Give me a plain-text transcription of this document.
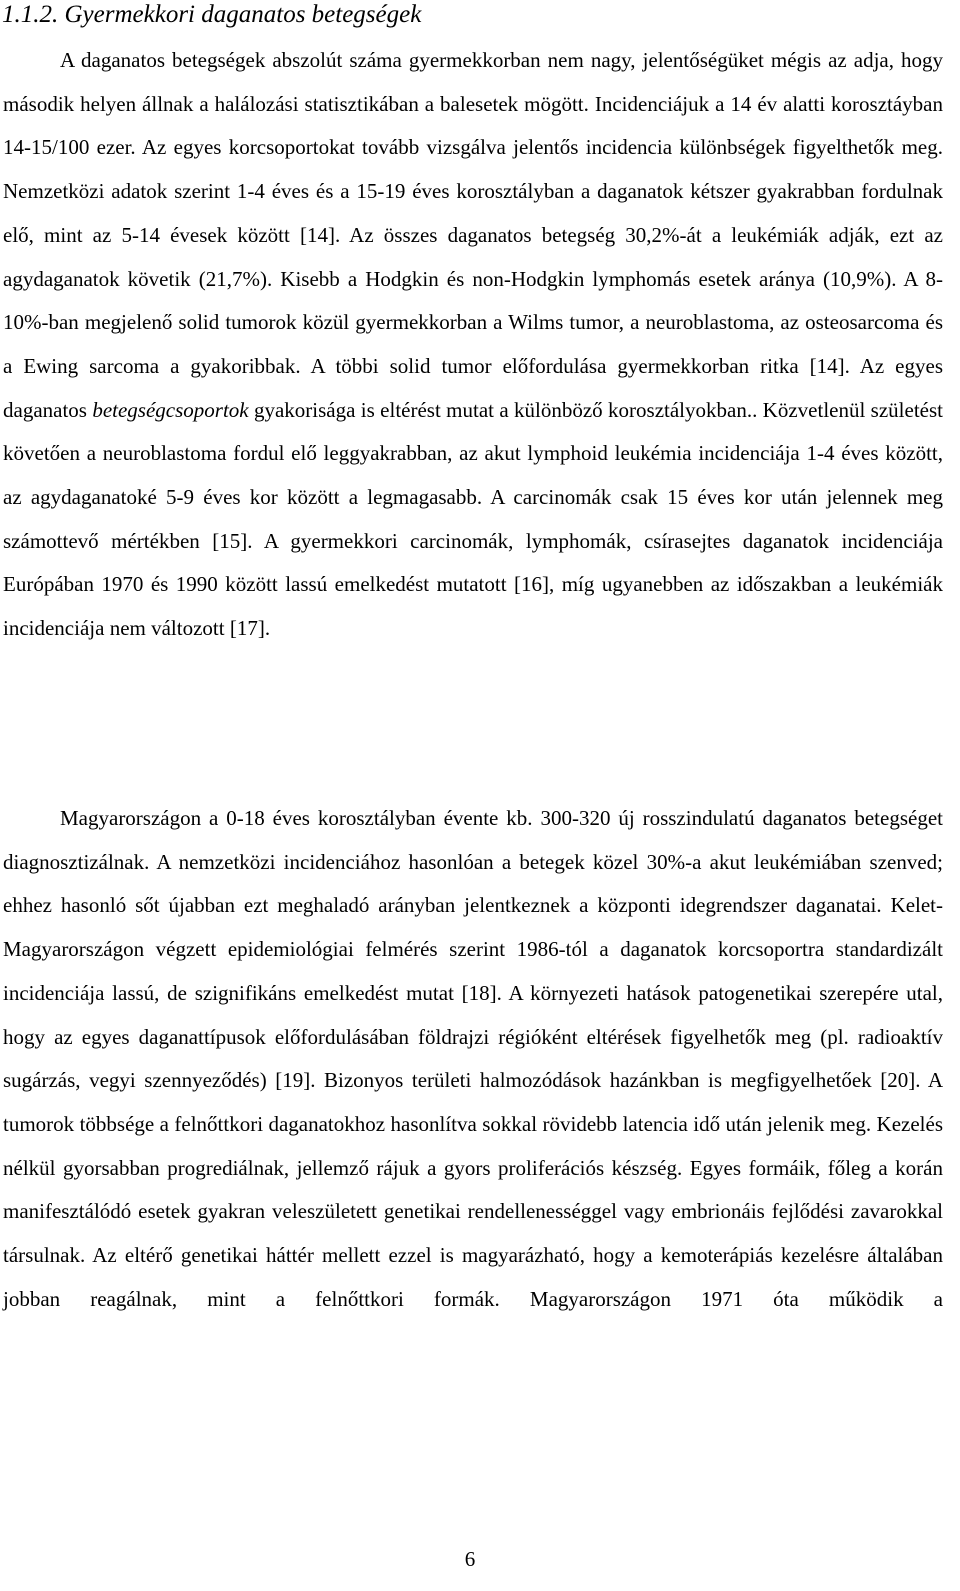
1.1.2. Gyermekkori daganatos betegségek

A daganatos betegségek abszolút száma gyermekkorban nem nagy, jelentőségüket mégis az adja, hogy második helyen állnak a halálozási statisztikában a balesetek mögött. Incidenciájuk a 14 év alatti korosztáyban 14-15/100 ezer. Az egyes korcsoportokat tovább vizsgálva jelentős incidencia különbségek figyelthetők meg. Nemzetközi adatok szerint 1-4 éves és a 15-19 éves korosztályban a daganatok kétszer gyakrabban fordulnak elő, mint az 5-14 évesek között [14]. Az összes daganatos betegség 30,2%-át a leukémiák adják, ezt az agydaganatok követik (21,7%). Kisebb a Hodgkin és non-Hodgkin lymphomás esetek aránya (10,9%). A 8-10%-ban megjelenő solid tumorok közül gyermekkorban a Wilms tumor, a neuroblastoma, az osteosarcoma és a Ewing sarcoma a gyakoribbak. A többi solid tumor előfordulása gyermekkorban ritka [14]. Az egyes daganatos betegségcsoportok gyakorisága is eltérést mutat a különböző korosztályokban.. Közvetlenül születést követően a neuroblastoma fordul elő leggyakrabban, az akut lymphoid leukémia incidenciája 1-4 éves között, az agydaganatoké 5-9 éves kor között a legmagasabb. A carcinomák csak 15 éves kor után jelennek meg számottevő mértékben [15]. A gyermekkori carcinomák, lymphomák, csírasejtes daganatok incidenciája Európában 1970 és 1990 között lassú emelkedést mutatott [16], míg ugyanebben az időszakban a leukémiák incidenciája nem változott [17].

Magyarországon a 0-18 éves korosztályban évente kb. 300-320 új rosszindulatú daganatos betegséget diagnosztizálnak. A nemzetközi incidenciához hasonlóan a betegek közel 30%-a akut leukémiában szenved; ehhez hasonló sőt újabban ezt meghaladó arányban jelentkeznek a központi idegrendszer daganatai. Kelet-Magyarországon végzett epidemiológiai felmérés szerint 1986-tól a daganatok korcsoportra standardizált incidenciája lassú, de szignifikáns emelkedést mutat [18]. A környezeti hatások patogenetikai szerepére utal, hogy az egyes daganattípusok előfordulásában földrajzi régióként eltérések figyelhetők meg (pl. radioaktív sugárzás, vegyi szennyeződés) [19]. Bizonyos területi halmozódások hazánkban is megfigyelhetőek [20]. A tumorok többsége a felnőttkori daganatokhoz hasonlítva sokkal rövidebb latencia idő után jelenik meg. Kezelés nélkül gyorsabban progrediálnak, jellemző rájuk a gyors proliferációs készség. Egyes formáik, főleg a korán manifesztálódó esetek gyakran veleszületett genetikai rendellenességgel vagy embrionáis fejlődési zavarokkal társulnak. Az eltérő genetikai háttér mellett ezzel is magyarázható, hogy a kemoterápiás kezelésre általában jobban reagálnak, mint a felnőttkori formák. Magyarországon 1971 óta működik a

6
